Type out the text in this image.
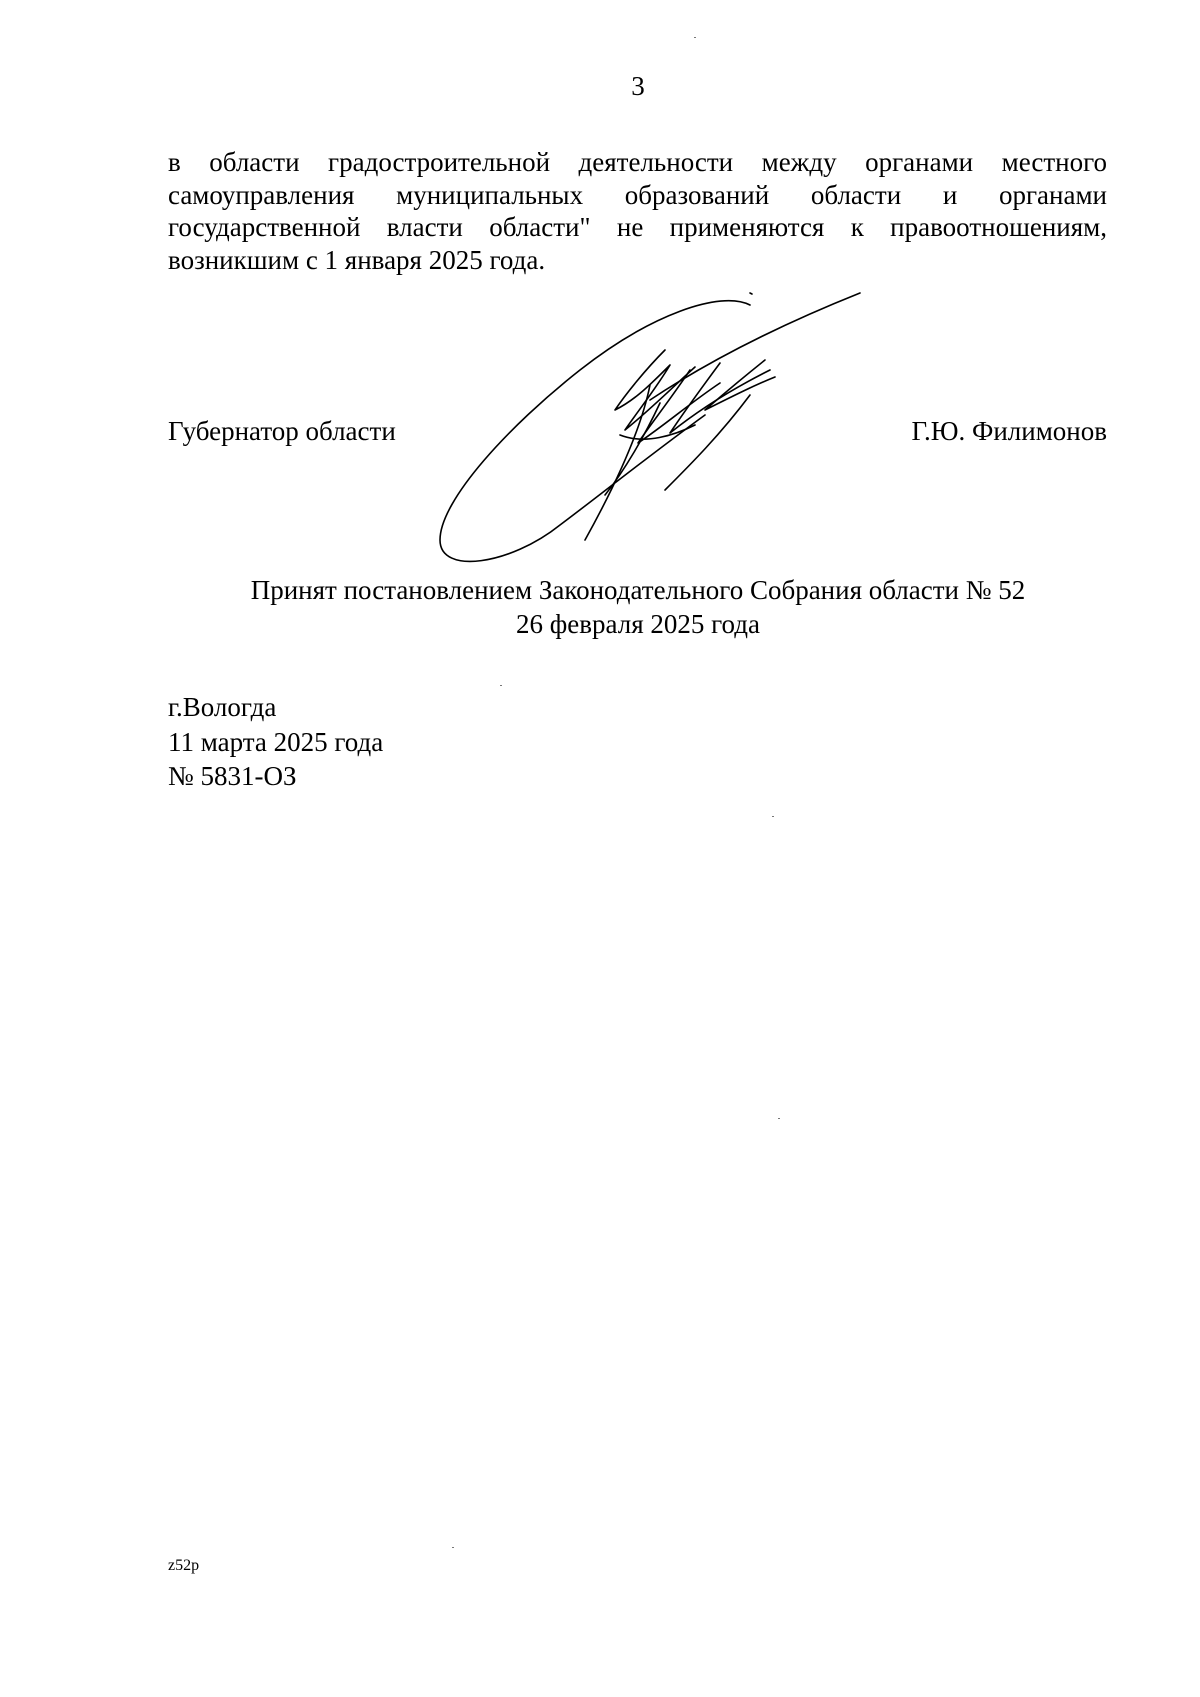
3
в области градостроительной деятельности между органами местного
самоуправления муниципальных образований области и органами
государственной власти области" не применяются к правоотношениям,
возникшим с 1 января 2025 года.
Губернатор области	Г.Ю. Филимонов
Принят постановлением Законодательного Собрания области № 52
26 февраля 2025 года
г.Вологда
11 марта 2025 года
№ 5831-ОЗ
z52p
